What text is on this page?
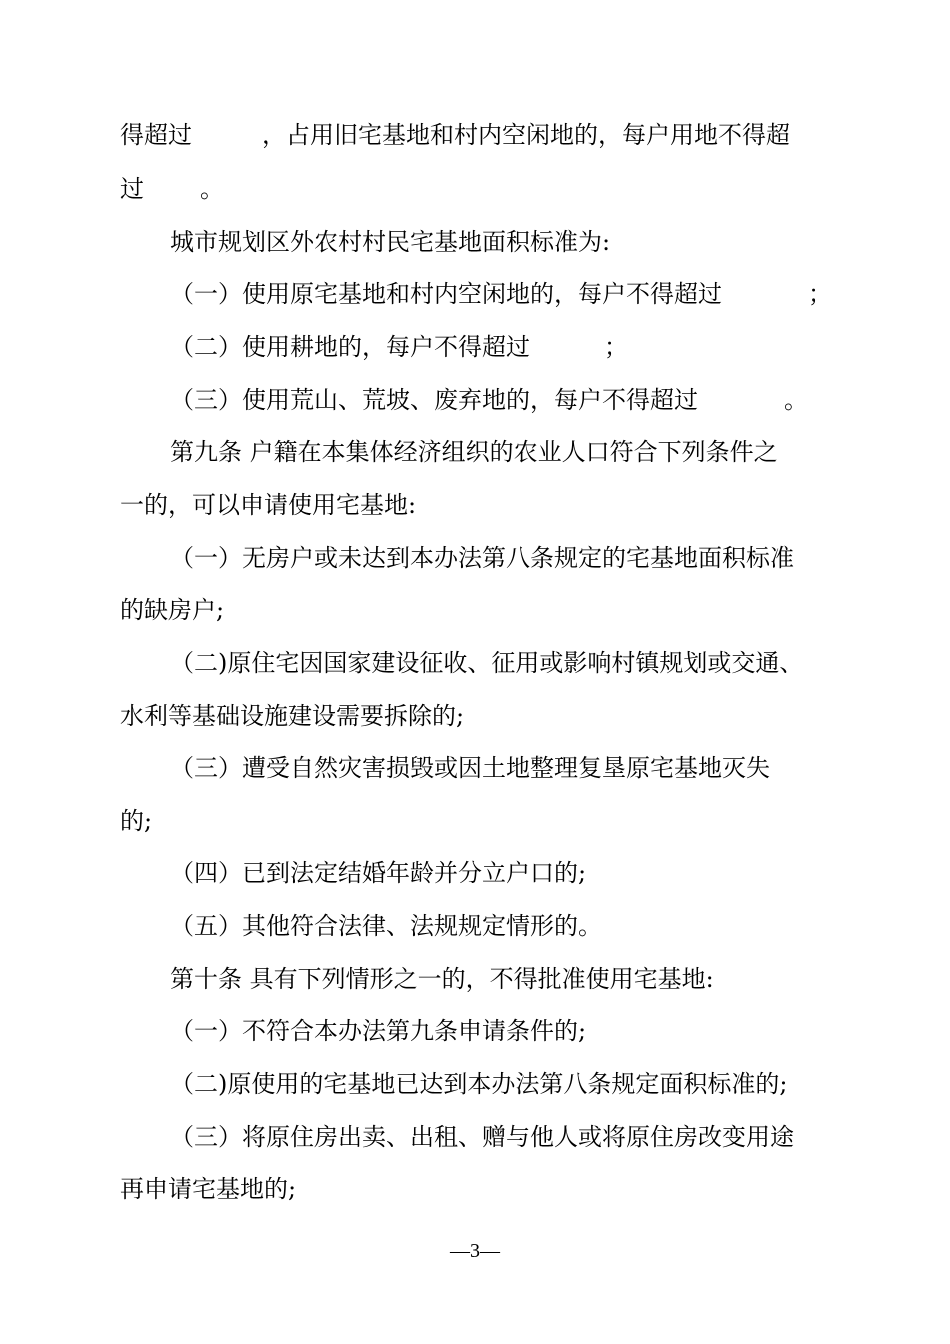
得超过

	，占用旧宅基地和村内空闲地的，每户用地不得超

过

。

城市规划区外农村村民宅基地面积标准为:

（一）使用原宅基地和村内空闲地的，每户不得超过

	；

（二）使用耕地的，每户不得超过

	；

（三）使用荒山、荒坡、废弃地的，每户不得超过

	。

第九条 户籍在本集体经济组织的农业人口符合下列条件之

一的，可以申请使用宅基地:

（一）无房户或未达到本办法第八条规定的宅基地面积标准

的缺房户;

（二)原住宅因国家建设征收、征用或影响村镇规划或交通、

水利等基础设施建设需要拆除的;

（三）遭受自然灾害损毁或因土地整理复垦原宅基地灭失

的;

（四）已到法定结婚年龄并分立户口的;

（五）其他符合法律、法规规定情形的。

第十条 具有下列情形之一的，不得批准使用宅基地:

（一）不符合本办法第九条申请条件的;

（二)原使用的宅基地已达到本办法第八条规定面积标准的;

（三）将原住房出卖、出租、赠与他人或将原住房改变用途

再申请宅基地的;

—3—
